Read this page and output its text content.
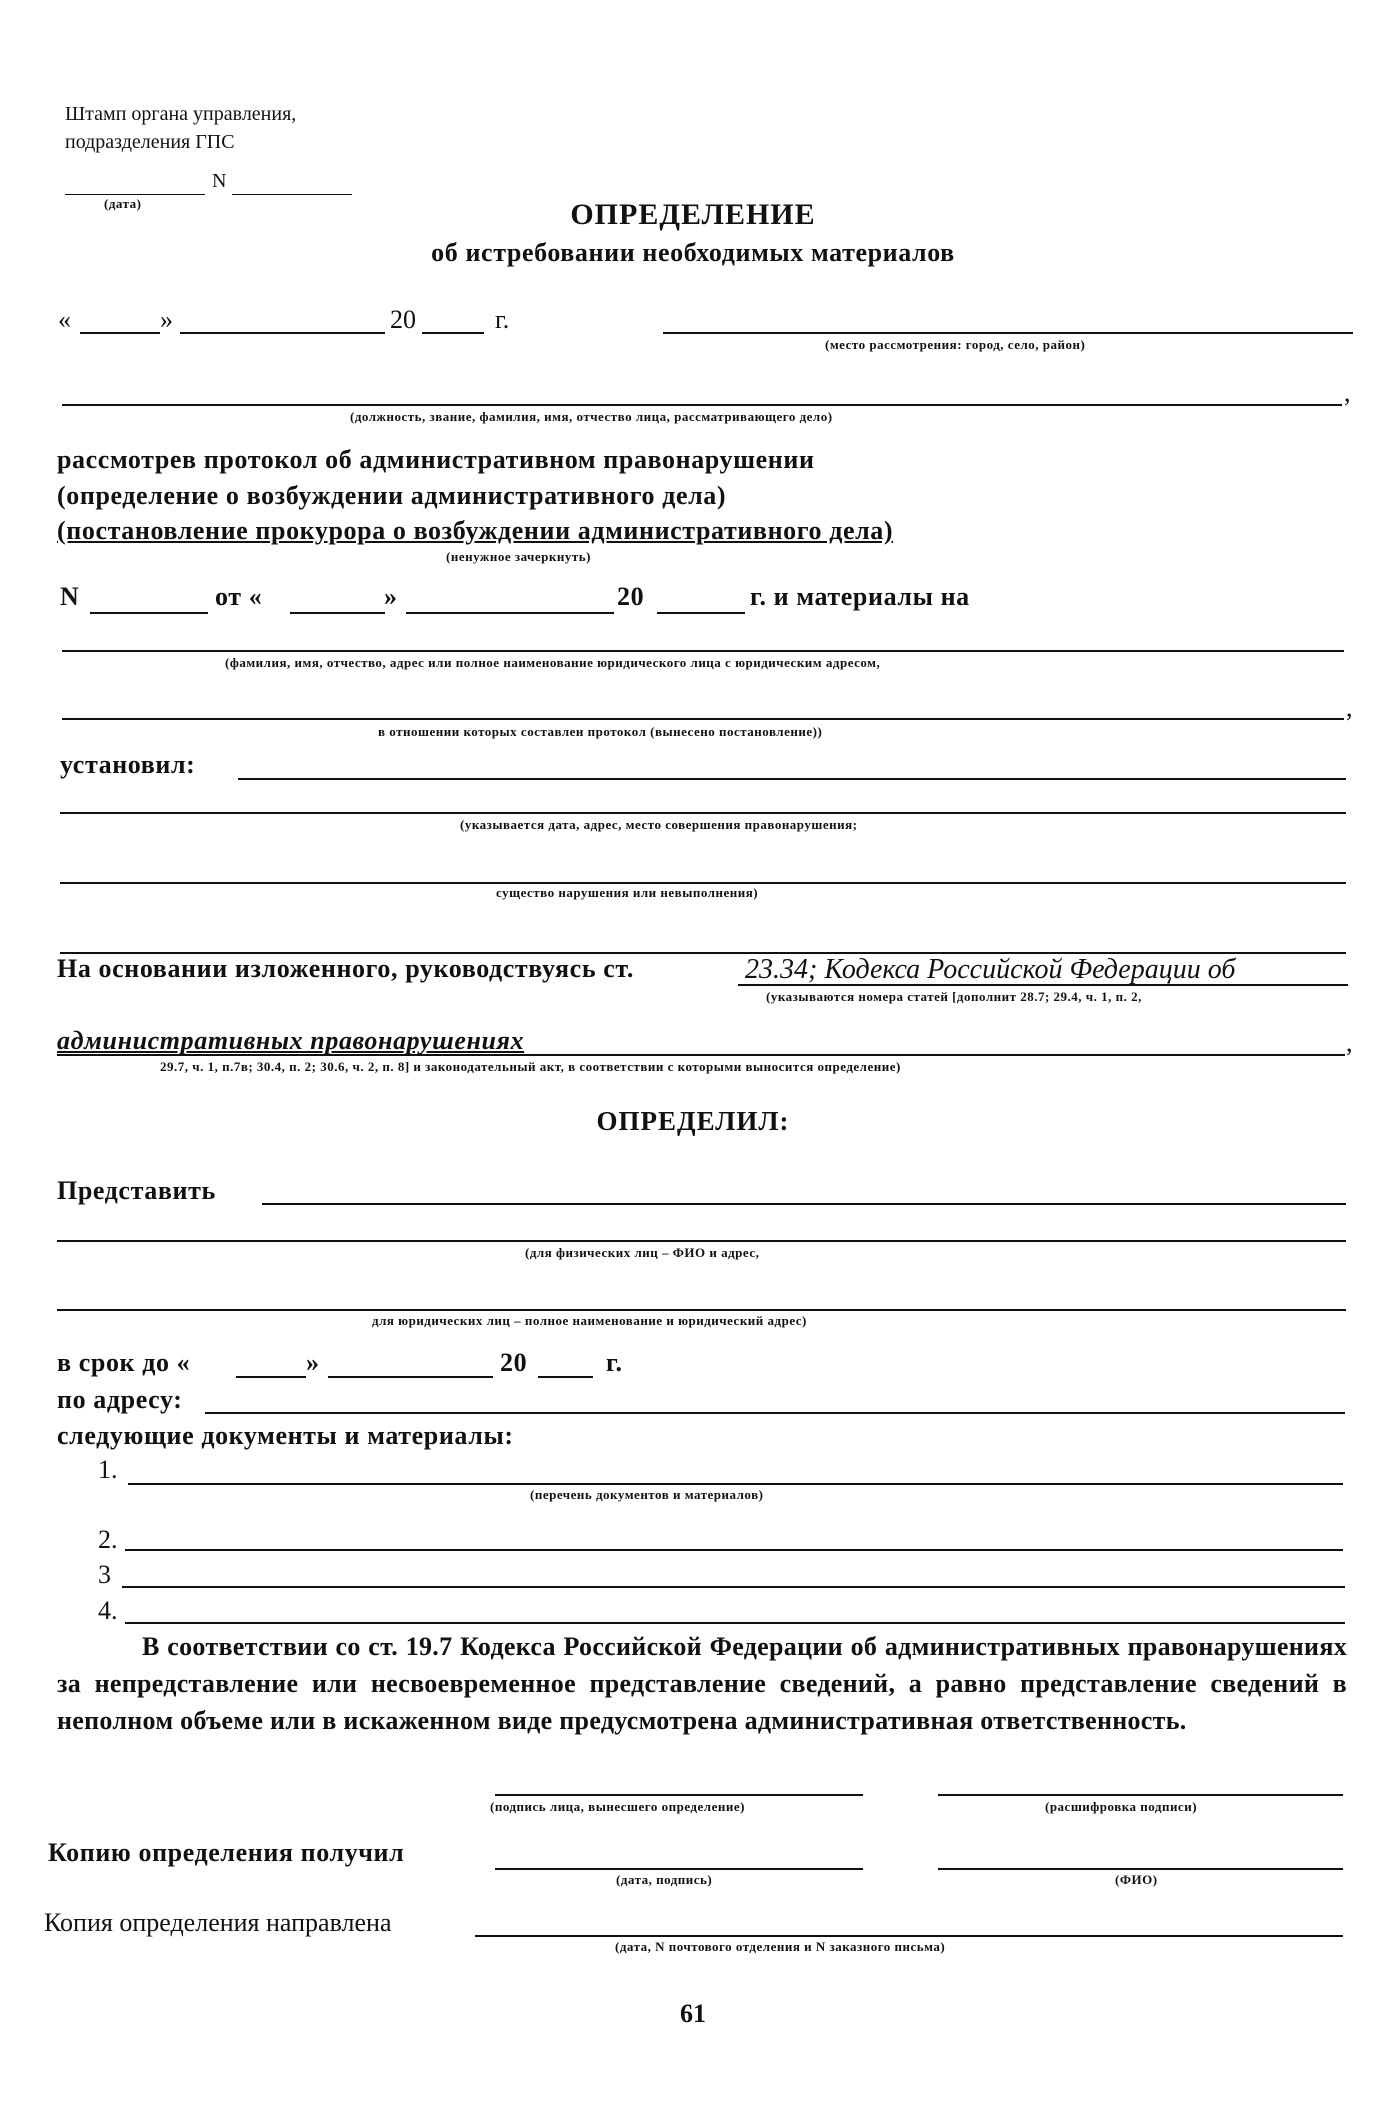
Штамп органа управления,
подразделения ГПС
N
(дата)	ОПРЕДЕЛЕНИЕ
об истребовании необходимых материалов
«	»	20	г.
(место рассмотрения: город, село, район)
,
(должность, звание, фамилия, имя, отчество лица, рассматривающего дело)
рассмотрев протокол об административном правонарушении
(определение о возбуждении административного дела)
(постановление прокурора о возбуждении административного дела)
(ненужное зачеркнуть)
N	от «	»	20	г. и материалы на
(фамилия, имя, отчество, адрес или полное наименование юридического лица с юридическим адресом,
,
в отношении которых составлен протокол (вынесено постановление))
установил:
(указывается дата, адрес, место совершения правонарушения;
существо нарушения или невыполнения)
На основании изложенного, руководствуясь ст.	23.34; Кодекса Российской Федерации об
(указываются номера статей [дополнит 28.7; 29.4, ч. 1, п. 2,
административных правонарушениях	,
29.7, ч. 1, п.7в; 30.4, п. 2; 30.6, ч. 2, п. 8] и законодательный акт, в соответствии с которыми выносится определение)
ОПРЕДЕЛИЛ:
Представить
(для физических лиц – ФИО и адрес,
для юридических лиц – полное наименование и юридический адрес)
в срок до «	»	20	г.
по адресу:
следующие документы и материалы:
1.
(перечень документов и материалов)
2.
3
4.
В соответствии со ст. 19.7 Кодекса Российской Федерации об административных правонарушениях за непредставление или несвоевременное представление сведений, а равно представление сведений в неполном объеме или в искаженном виде предусмотрена административная ответственность.
(подпись лица, вынесшего определение)	(расшифровка подписи)
Копию определения получил
(дата, подпись)	(ФИО)
Копия определения направлена
(дата, N почтового отделения и N заказного письма)
61
